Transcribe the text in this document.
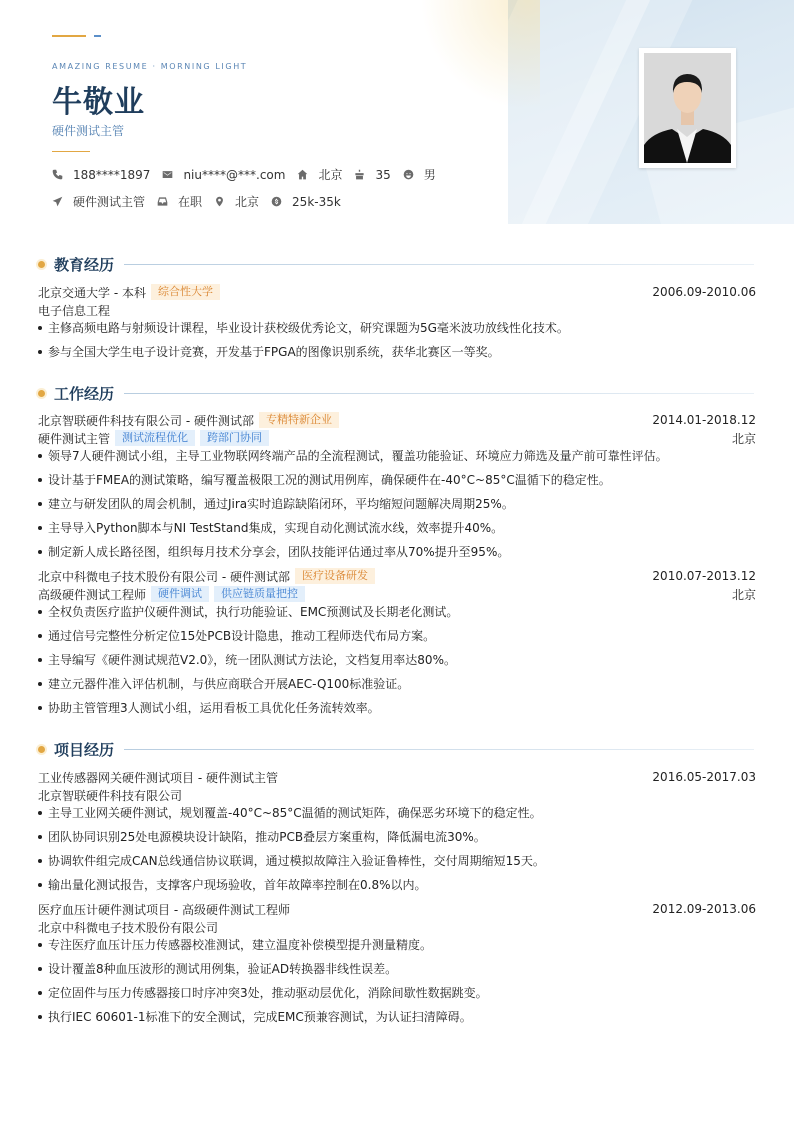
AMAZING RESUME · MORNING LIGHT
牛敬业
硬件测试主管
188****1897	niu****@***.com	北京	35	男
硬件测试主管	在职	北京	25k-35k
教育经历
北京交通大学 - 本科	综合性大学	2006.09-2010.06
电子信息工程
主修高频电路与射频设计课程，毕业设计获校级优秀论文，研究课题为5G毫米波功放线性化技术。
参与全国大学生电子设计竞赛，开发基于FPGA的图像识别系统，获华北赛区一等奖。
工作经历
北京智联硬件科技有限公司 - 硬件测试部	专精特新企业	2014.01-2018.12
硬件测试主管	测试流程优化	跨部门协同	北京
领导7人硬件测试小组，主导工业物联网终端产品的全流程测试，覆盖功能验证、环境应力筛选及量产前可靠性评估。
设计基于FMEA的测试策略，编写覆盖极限工况的测试用例库，确保硬件在-40°C~85°C温循下的稳定性。
建立与研发团队的周会机制，通过Jira实时追踪缺陷闭环，平均缩短问题解决周期25%。
主导导入Python脚本与NI TestStand集成，实现自动化测试流水线，效率提升40%。
制定新人成长路径图，组织每月技术分享会，团队技能评估通过率从70%提升至95%。
北京中科微电子技术股份有限公司 - 硬件测试部	医疗设备研发	2010.07-2013.12
高级硬件测试工程师	硬件调试	供应链质量把控	北京
全权负责医疗监护仪硬件测试，执行功能验证、EMC预测试及长期老化测试。
通过信号完整性分析定位15处PCB设计隐患，推动工程师迭代布局方案。
主导编写《硬件测试规范V2.0》，统一团队测试方法论，文档复用率达80%。
建立元器件准入评估机制，与供应商联合开展AEC-Q100标准验证。
协助主管管理3人测试小组，运用看板工具优化任务流转效率。
项目经历
工业传感器网关硬件测试项目 - 硬件测试主管	2016.05-2017.03
北京智联硬件科技有限公司
主导工业网关硬件测试，规划覆盖-40°C~85°C温循的测试矩阵，确保恶劣环境下的稳定性。
团队协同识别25处电源模块设计缺陷，推动PCB叠层方案重构，降低漏电流30%。
协调软件组完成CAN总线通信协议联调，通过模拟故障注入验证鲁棒性，交付周期缩短15天。
输出量化测试报告，支撑客户现场验收，首年故障率控制在0.8%以内。
医疗血压计硬件测试项目 - 高级硬件测试工程师	2012.09-2013.06
北京中科微电子技术股份有限公司
专注医疗血压计压力传感器校准测试，建立温度补偿模型提升测量精度。
设计覆盖8种血压波形的测试用例集，验证AD转换器非线性误差。
定位固件与压力传感器接口时序冲突3处，推动驱动层优化，消除间歇性数据跳变。
执行IEC 60601-1标准下的安全测试，完成EMC预兼容测试，为认证扫清障碍。
